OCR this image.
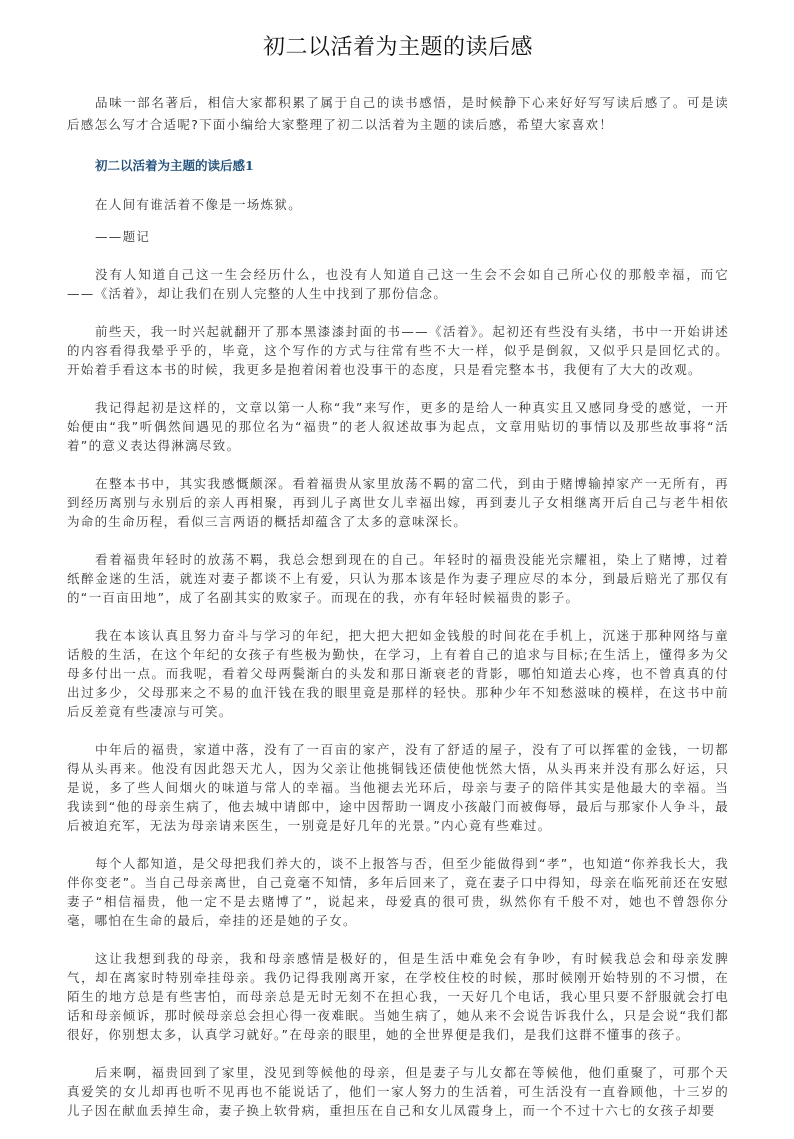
初二以活着为主题的读后感

品味一部名著后，相信大家都积累了属于自己的读书感悟，是时候静下心来好好写写读后感了。可是读后感怎么写才合适呢?下面小编给大家整理了初二以活着为主题的读后感，希望大家喜欢！

初二以活着为主题的读后感1

在人间有谁活着不像是一场炼狱。

——题记

没有人知道自己这一生会经历什么，也没有人知道自己这一生会不会如自己所心仪的那般幸福，而它——《活着》，却让我们在别人完整的人生中找到了那份信念。

前些天，我一时兴起就翻开了那本黑漆漆封面的书——《活着》。起初还有些没有头绪，书中一开始讲述的内容看得我晕乎乎的，毕竟，这个写作的方式与往常有些不大一样，似乎是倒叙，又似乎只是回忆式的。开始着手看这本书的时候，我更多是抱着闲着也没事干的态度，只是看完整本书，我便有了大大的改观。

我记得起初是这样的，文章以第一人称“我”来写作，更多的是给人一种真实且又感同身受的感觉，一开始便由“我”听偶然间遇见的那位名为“福贵”的老人叙述故事为起点，文章用贴切的事情以及那些故事将“活着”的意义表达得淋漓尽致。

在整本书中，其实我感慨颇深。看着福贵从家里放荡不羁的富二代，到由于赌博输掉家产一无所有，再到经历离别与永别后的亲人再相聚，再到儿子离世女儿幸福出嫁，再到妻儿子女相继离开后自己与老牛相依为命的生命历程，看似三言两语的概括却蕴含了太多的意味深长。

看着福贵年轻时的放荡不羁，我总会想到现在的自己。年轻时的福贵没能光宗耀祖，染上了赌博，过着纸醉金迷的生活，就连对妻子都谈不上有爱，只认为那本该是作为妻子理应尽的本分，到最后赔光了那仅有的“一百亩田地”，成了名副其实的败家子。而现在的我，亦有年轻时候福贵的影子。

我在本该认真且努力奋斗与学习的年纪，把大把大把如金钱般的时间花在手机上，沉迷于那种网络与童话般的生活，在这个年纪的女孩子有些极为勤快，在学习，上有着自己的追求与目标;在生活上，懂得多为父母多付出一点。而我呢，看着父母两鬓渐白的头发和那日渐衰老的背影，哪怕知道去心疼，也不曾真真的付出过多少，父母那来之不易的血汗钱在我的眼里竟是那样的轻快。那种少年不知愁滋味的模样，在这书中前后反差竟有些凄凉与可笑。

中年后的福贵，家道中落，没有了一百亩的家产，没有了舒适的屋子，没有了可以挥霍的金钱，一切都得从头再来。他没有因此怨天尤人，因为父亲让他挑铜钱还债使他恍然大悟，从头再来并没有那么好运，只是说，多了些人间烟火的味道与常人的幸福。当他褪去光环后，母亲与妻子的陪伴其实是他最大的幸福。当我读到“他的母亲生病了，他去城中请郎中，途中因帮助一调皮小孩敲门而被侮辱，最后与那家仆人争斗，最后被迫充军，无法为母亲请来医生，一别竟是好几年的光景。”内心竟有些难过。

每个人都知道，是父母把我们养大的，谈不上报答与否，但至少能做得到“孝”，也知道“你养我长大，我伴你变老”。当自己母亲离世，自己竟毫不知情，多年后回来了，竟在妻子口中得知，母亲在临死前还在安慰妻子“相信福贵，他一定不是去赌博了”，说起来，母爱真的很可贵，纵然你有千般不对，她也不曾怨你分毫，哪怕在生命的最后，牵挂的还是她的子女。

这让我想到我的母亲，我和母亲感情是极好的，但是生活中难免会有争吵，有时候我总会和母亲发脾气，却在离家时特别牵挂母亲。我仍记得我刚离开家，在学校住校的时候，那时候刚开始特别的不习惯，在陌生的地方总是有些害怕，而母亲总是无时无刻不在担心我，一天好几个电话，我心里只要不舒服就会打电话和母亲倾诉，那时候母亲总会担心得一夜难眠。当她生病了，她从来不会说告诉我什么，只是会说“我们都很好，你别想太多，认真学习就好。”在母亲的眼里，她的全世界便是我们，是我们这群不懂事的孩子。

后来啊，福贵回到了家里，没见到等候他的母亲，但是妻子与儿女都在等候他，他们重聚了，可那个天真爱笑的女儿却再也听不见再也不能说话了，他们一家人努力的生活着，可生活没有一直眷顾他，十三岁的儿子因在献血丢掉生命，妻子换上软骨病，重担压在自己和女儿凤霞身上，而一个不过十六七的女孩子却要
